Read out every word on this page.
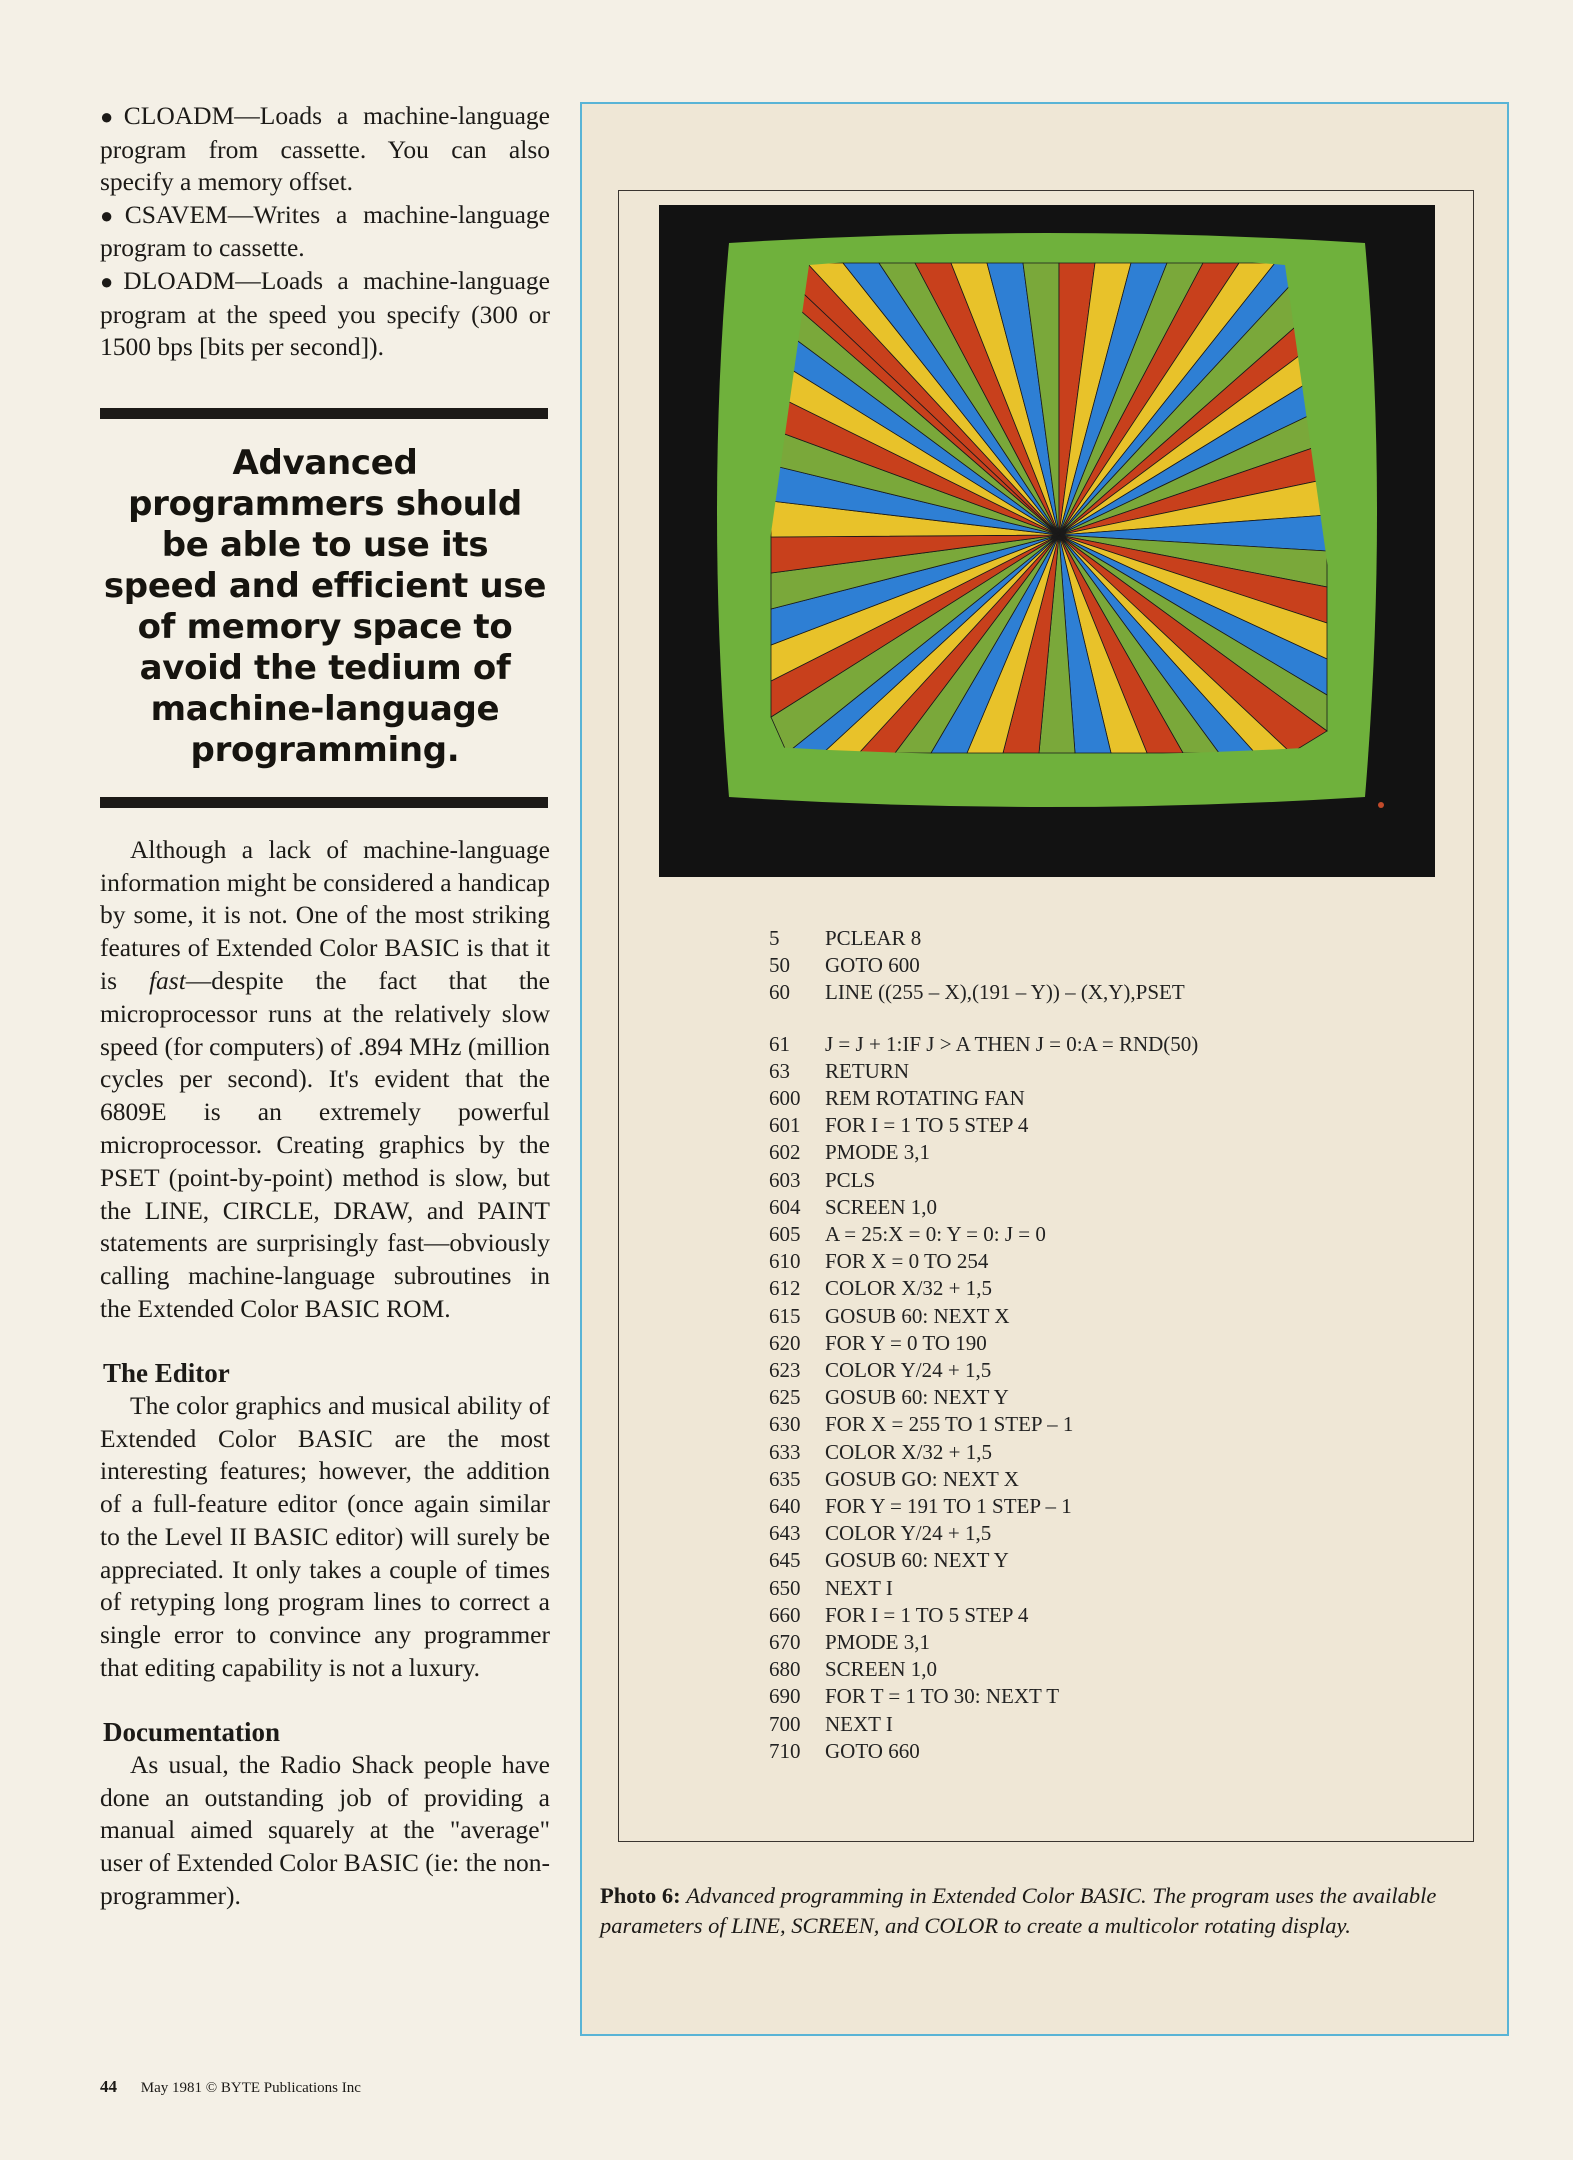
●CLOADM—Loads a machine-language program from cassette. You can also specify a memory offset.

●CSAVEM—Writes a machine-language program to cassette.

●DLOADM—Loads a machine-language program at the speed you specify (300 or 1500 bps [bits per second]).

Advanced programmers should be able to use its speed and efficient use of memory space to avoid the tedium of machine-language programming.

Although a lack of machine-language information might be considered a handicap by some, it is not. One of the most striking features of Extended Color BASIC is that it is fast—despite the fact that the microprocessor runs at the relatively slow speed (for computers) of .894 MHz (million cycles per second). It's evident that the 6809E is an extremely powerful microprocessor. Creating graphics by the PSET (point-by-point) method is slow, but the LINE, CIRCLE, DRAW, and PAINT statements are surprisingly fast—obviously calling machine-language subroutines in the Extended Color BASIC ROM.

The Editor

The color graphics and musical ability of Extended Color BASIC are the most interesting features; however, the addition of a full-feature editor (once again similar to the Level II BASIC editor) will surely be appreciated. It only takes a couple of times of retyping long program lines to correct a single error to convince any programmer that editing capability is not a luxury.

Documentation

As usual, the Radio Shack people have done an outstanding job of providing a manual aimed squarely at the "average" user of Extended Color BASIC (ie: the non-programmer).

5 PCLEAR 8
50 GOTO 600
60 LINE ((255 – X),(191 – Y)) – (X,Y),PSET
61 J = J + 1:IF J > A THEN J = 0:A = RND(50)
63 RETURN
600 REM ROTATING FAN
601 FOR I = 1 TO 5 STEP 4
602 PMODE 3,1
603 PCLS
604 SCREEN 1,0
605 A = 25:X = 0: Y = 0: J = 0
610 FOR X = 0 TO 254
612 COLOR X/32 + 1,5
615 GOSUB 60: NEXT X
620 FOR Y = 0 TO 190
623 COLOR Y/24 + 1,5
625 GOSUB 60: NEXT Y
630 FOR X = 255 TO 1 STEP – 1
633 COLOR X/32 + 1,5
635 GOSUB GO: NEXT X
640 FOR Y = 191 TO 1 STEP – 1
643 COLOR Y/24 + 1,5
645 GOSUB 60: NEXT Y
650 NEXT I
660 FOR I = 1 TO 5 STEP 4
670 PMODE 3,1
680 SCREEN 1,0
690 FOR T = 1 TO 30: NEXT T
700 NEXT I
710 GOTO 660
Photo 6: Advanced programming in Extended Color BASIC. The program uses the available parameters of LINE, SCREEN, and COLOR to create a multicolor rotating display.
44 May 1981 © BYTE Publications Inc
